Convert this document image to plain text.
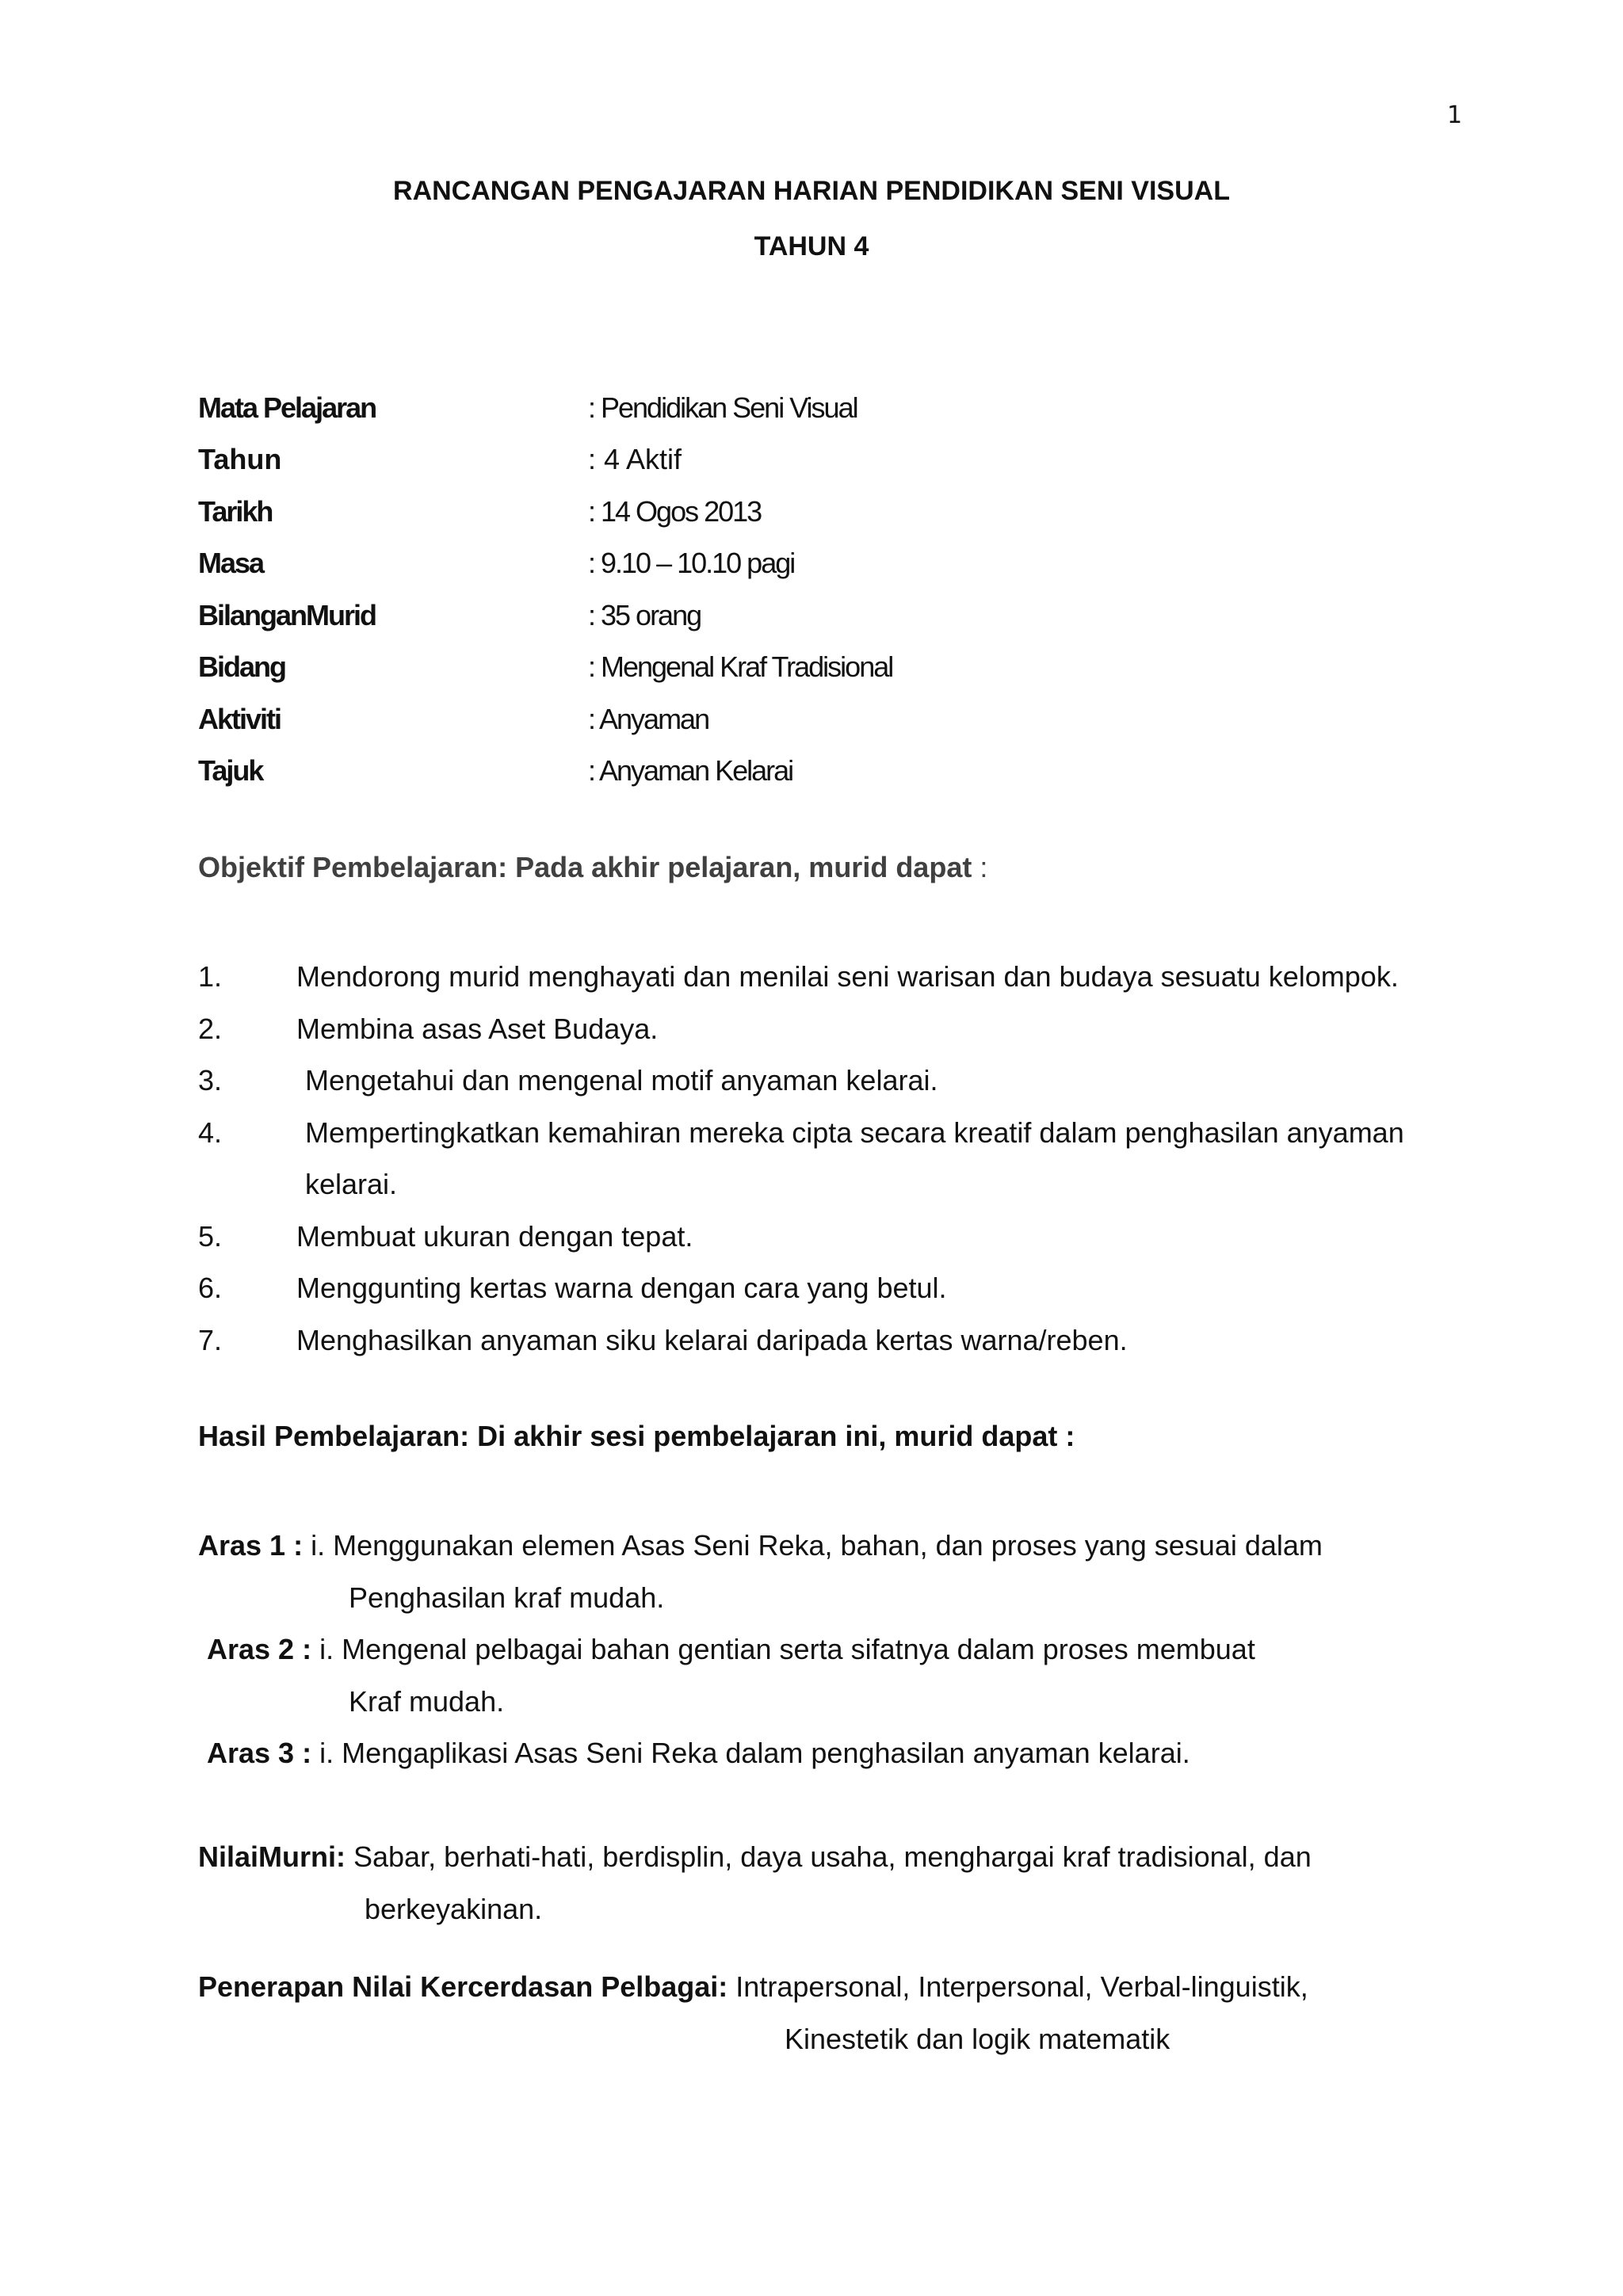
1
RANCANGAN PENGAJARAN HARIAN PENDIDIKAN SENI VISUAL
TAHUN 4
Mata Pelajaran	: Pendidikan Seni Visual
Tahun	: 4 Aktif
Tarikh	: 14 Ogos 2013
Masa	: 9.10 – 10.10 pagi
BilanganMurid	: 35 orang
Bidang	: Mengenal Kraf Tradisional
Aktiviti	: Anyaman
Tajuk	: Anyaman Kelarai
Objektif Pembelajaran: Pada akhir pelajaran, murid dapat :
1.	Mendorong murid menghayati dan menilai seni warisan dan budaya sesuatu kelompok.
2.	Membina asas Aset Budaya.
3.	Mengetahui dan mengenal motif anyaman kelarai.
4.	Mempertingkatkan kemahiran mereka cipta secara kreatif dalam penghasilan anyaman
kelarai.
5.	Membuat ukuran dengan tepat.
6.	Menggunting kertas warna dengan cara yang betul.
7.	Menghasilkan anyaman siku kelarai daripada kertas warna/reben.
Hasil Pembelajaran: Di akhir sesi pembelajaran ini, murid dapat :
Aras 1 : i. Menggunakan elemen Asas Seni Reka, bahan, dan proses yang sesuai dalam
Penghasilan kraf mudah.
Aras 2 : i. Mengenal pelbagai bahan gentian serta sifatnya dalam proses membuat
Kraf mudah.
Aras 3 : i. Mengaplikasi Asas Seni Reka dalam penghasilan anyaman kelarai.
NilaiMurni: Sabar, berhati-hati, berdisplin, daya usaha, menghargai kraf tradisional, dan
berkeyakinan.
Penerapan Nilai Kercerdasan Pelbagai: Intrapersonal, Interpersonal, Verbal-linguistik,
Kinestetik dan logik matematik
